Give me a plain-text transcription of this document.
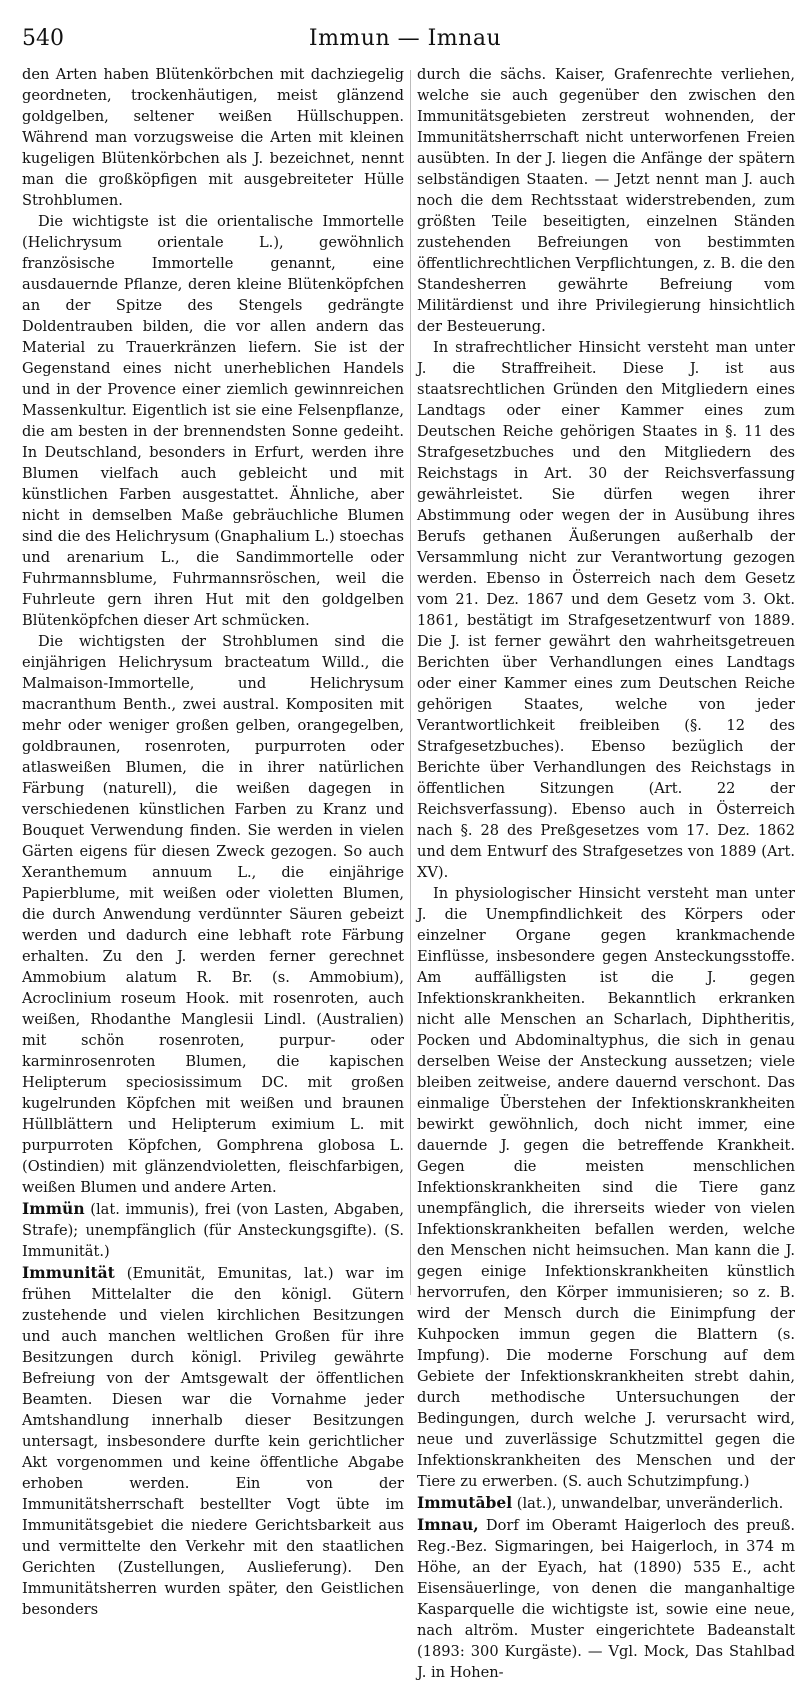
540	Immun — Imnau

den Arten haben Blütenkörbchen mit dachziegelig geordneten, trockenhäutigen, meist glänzend goldgelben, seltener weißen Hüllschuppen. Während man vorzugsweise die Arten mit kleinen kugeligen Blütenkörbchen als J. bezeichnet, nennt man die großköpfigen mit ausgebreiteter Hülle Strohblumen.

Die wichtigste ist die orientalische Immortelle (Helichrysum orientale L.), gewöhnlich französische Immortelle genannt, eine ausdauernde Pflanze, deren kleine Blütenköpfchen an der Spitze des Stengels gedrängte Doldentrauben bilden, die vor allen andern das Material zu Trauerkränzen liefern. Sie ist der Gegenstand eines nicht unerheblichen Handels und in der Provence einer ziemlich gewinnreichen Massenkultur. Eigentlich ist sie eine Felsenpflanze, die am besten in der brennendsten Sonne gedeiht. In Deutschland, besonders in Erfurt, werden ihre Blumen vielfach auch gebleicht und mit künstlichen Farben ausgestattet. Ähnliche, aber nicht in demselben Maße gebräuchliche Blumen sind die des Helichrysum (Gnaphalium L.) stoechas und arenarium L., die Sandimmortelle oder Fuhrmannsblume, Fuhrmannsröschen, weil die Fuhrleute gern ihren Hut mit den goldgelben Blütenköpfchen dieser Art schmücken.

Die wichtigsten der Strohblumen sind die einjährigen Helichrysum bracteatum Willd., die Malmaison-Immortelle, und Helichrysum macranthum Benth., zwei austral. Kompositen mit mehr oder weniger großen gelben, orangegelben, goldbraunen, rosenroten, purpurroten oder atlasweißen Blumen, die in ihrer natürlichen Färbung (naturell), die weißen dagegen in verschiedenen künstlichen Farben zu Kranz und Bouquet Verwendung finden. Sie werden in vielen Gärten eigens für diesen Zweck gezogen. So auch Xeranthemum annuum L., die einjährige Papierblume, mit weißen oder violetten Blumen, die durch Anwendung verdünnter Säuren gebeizt werden und dadurch eine lebhaft rote Färbung erhalten. Zu den J. werden ferner gerechnet Ammobium alatum R. Br. (s. Ammobium), Acroclinium roseum Hook. mit rosenroten, auch weißen, Rhodanthe Manglesii Lindl. (Australien) mit schön rosenroten, purpur- oder karminrosenroten Blumen, die kapischen Helipterum speciosissimum DC. mit großen kugelrunden Köpfchen mit weißen und braunen Hüllblättern und Helipterum eximium L. mit purpurroten Köpfchen, Gomphrena globosa L. (Ostindien) mit glänzendvioletten, fleischfarbigen, weißen Blumen und andere Arten.

Immün (lat. immunis), frei (von Lasten, Abgaben, Strafe); unempfänglich (für Ansteckungsgifte). (S. Immunität.)

Immunität (Emunität, Emunitas, lat.) war im frühen Mittelalter die den königl. Gütern zustehende und vielen kirchlichen Besitzungen und auch manchen weltlichen Großen für ihre Besitzungen durch königl. Privileg gewährte Befreiung von der Amtsgewalt der öffentlichen Beamten. Diesen war die Vornahme jeder Amtshandlung innerhalb dieser Besitzungen untersagt, insbesondere durfte kein gerichtlicher Akt vorgenommen und keine öffentliche Abgabe erhoben werden. Ein von der Immunitätsherrschaft bestellter Vogt übte im Immunitätsgebiet die niedere Gerichtsbarkeit aus und vermittelte den Verkehr mit den staatlichen Gerichten (Zustellungen, Auslieferung). Den Immunitätsherren wurden später, den Geistlichen besonders

durch die sächs. Kaiser, Grafenrechte verliehen, welche sie auch gegenüber den zwischen den Immunitätsgebieten zerstreut wohnenden, der Immunitätsherrschaft nicht unterworfenen Freien ausübten. In der J. liegen die Anfänge der spätern selbständigen Staaten. — Jetzt nennt man J. auch noch die dem Rechtsstaat widerstrebenden, zum größten Teile beseitigten, einzelnen Ständen zustehenden Befreiungen von bestimmten öffentlichrechtlichen Verpflichtungen, z. B. die den Standesherren gewährte Befreiung vom Militärdienst und ihre Privilegierung hinsichtlich der Besteuerung.

In strafrechtlicher Hinsicht versteht man unter J. die Straffreiheit. Diese J. ist aus staatsrechtlichen Gründen den Mitgliedern eines Landtags oder einer Kammer eines zum Deutschen Reiche gehörigen Staates in §. 11 des Strafgesetzbuches und den Mitgliedern des Reichstags in Art. 30 der Reichsverfassung gewährleistet. Sie dürfen wegen ihrer Abstimmung oder wegen der in Ausübung ihres Berufs gethanen Äußerungen außerhalb der Versammlung nicht zur Verantwortung gezogen werden. Ebenso in Österreich nach dem Gesetz vom 21. Dez. 1867 und dem Gesetz vom 3. Okt. 1861, bestätigt im Strafgesetzentwurf von 1889. Die J. ist ferner gewährt den wahrheitsgetreuen Berichten über Verhandlungen eines Landtags oder einer Kammer eines zum Deutschen Reiche gehörigen Staates, welche von jeder Verantwortlichkeit freibleiben (§. 12 des Strafgesetzbuches). Ebenso bezüglich der Berichte über Verhandlungen des Reichstags in öffentlichen Sitzungen (Art. 22 der Reichsverfassung). Ebenso auch in Österreich nach §. 28 des Preßgesetzes vom 17. Dez. 1862 und dem Entwurf des Strafgesetzes von 1889 (Art. XV).

In physiologischer Hinsicht versteht man unter J. die Unempfindlichkeit des Körpers oder einzelner Organe gegen krankmachende Einflüsse, insbesondere gegen Ansteckungsstoffe. Am auffälligsten ist die J. gegen Infektionskrankheiten. Bekanntlich erkranken nicht alle Menschen an Scharlach, Diphtheritis, Pocken und Abdominaltyphus, die sich in genau derselben Weise der Ansteckung aussetzen; viele bleiben zeitweise, andere dauernd verschont. Das einmalige Überstehen der Infektionskrankheiten bewirkt gewöhnlich, doch nicht immer, eine dauernde J. gegen die betreffende Krankheit. Gegen die meisten menschlichen Infektionskrankheiten sind die Tiere ganz unempfänglich, die ihrerseits wieder von vielen Infektionskrankheiten befallen werden, welche den Menschen nicht heimsuchen. Man kann die J. gegen einige Infektionskrankheiten künstlich hervorrufen, den Körper immunisieren; so z. B. wird der Mensch durch die Einimpfung der Kuhpocken immun gegen die Blattern (s. Impfung). Die moderne Forschung auf dem Gebiete der Infektionskrankheiten strebt dahin, durch methodische Untersuchungen der Bedingungen, durch welche J. verursacht wird, neue und zuverlässige Schutzmittel gegen die Infektionskrankheiten des Menschen und der Tiere zu erwerben. (S. auch Schutzimpfung.)

Immutābel (lat.), unwandelbar, unveränderlich.

Imnau, Dorf im Oberamt Haigerloch des preuß. Reg.-Bez. Sigmaringen, bei Haigerloch, in 374 m Höhe, an der Eyach, hat (1890) 535 E., acht Eisensäuerlinge, von denen die manganhaltige Kasparquelle die wichtigste ist, sowie eine neue, nach altröm. Muster eingerichtete Badeanstalt (1893: 300 Kurgäste). — Vgl. Mock, Das Stahlbad J. in Hohen-
